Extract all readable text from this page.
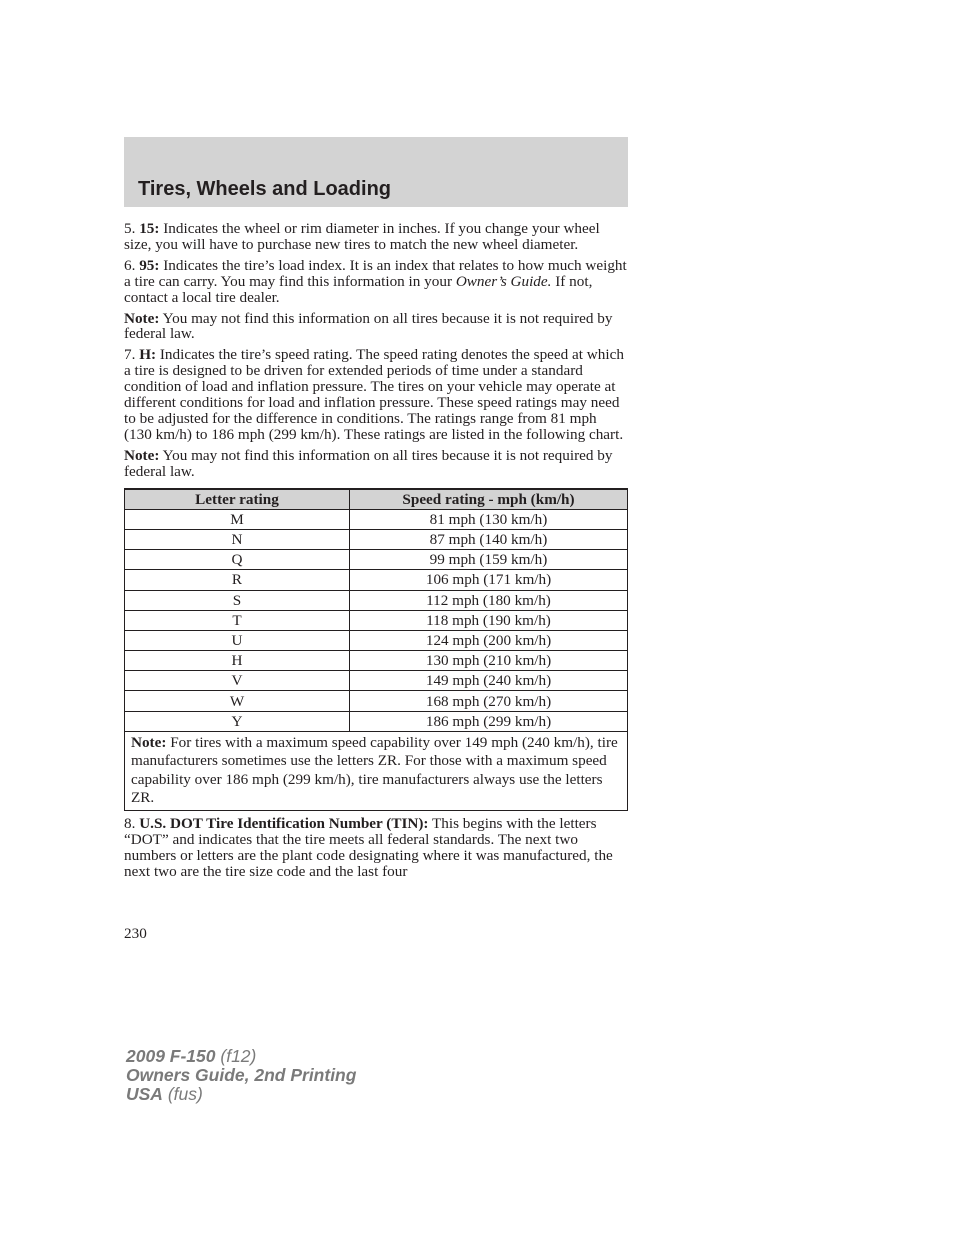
Tires, Wheels and Loading

5. 15: Indicates the wheel or rim diameter in inches. If you change your wheel size, you will have to purchase new tires to match the new wheel diameter.

6. 95: Indicates the tire’s load index. It is an index that relates to how much weight a tire can carry. You may find this information in your Owner’s Guide. If not, contact a local tire dealer.

Note: You may not find this information on all tires because it is not required by federal law.

7. H: Indicates the tire’s speed rating. The speed rating denotes the speed at which a tire is designed to be driven for extended periods of time under a standard condition of load and inflation pressure. The tires on your vehicle may operate at different conditions for load and inflation pressure. These speed ratings may need to be adjusted for the difference in conditions. The ratings range from 81 mph (130 km/h) to 186 mph (299 km/h). These ratings are listed in the following chart.

Note: You may not find this information on all tires because it is not required by federal law.

Letter rating	Speed rating - mph (km/h)
M	81 mph (130 km/h)
N	87 mph (140 km/h)
Q	99 mph (159 km/h)
R	106 mph (171 km/h)
S	112 mph (180 km/h)
T	118 mph (190 km/h)
U	124 mph (200 km/h)
H	130 mph (210 km/h)
V	149 mph (240 km/h)
W	168 mph (270 km/h)
Y	186 mph (299 km/h)
Note: For tires with a maximum speed capability over 149 mph (240 km/h), tire manufacturers sometimes use the letters ZR. For those with a maximum speed capability over 186 mph (299 km/h), tire manufacturers always use the letters ZR.	

8. U.S. DOT Tire Identification Number (TIN): This begins with the letters “DOT” and indicates that the tire meets all federal standards. The next two numbers or letters are the plant code designating where it was manufactured, the next two are the tire size code and the last four

230
2009 F-150 (f12)
Owners Guide, 2nd Printing
USA (fus)
